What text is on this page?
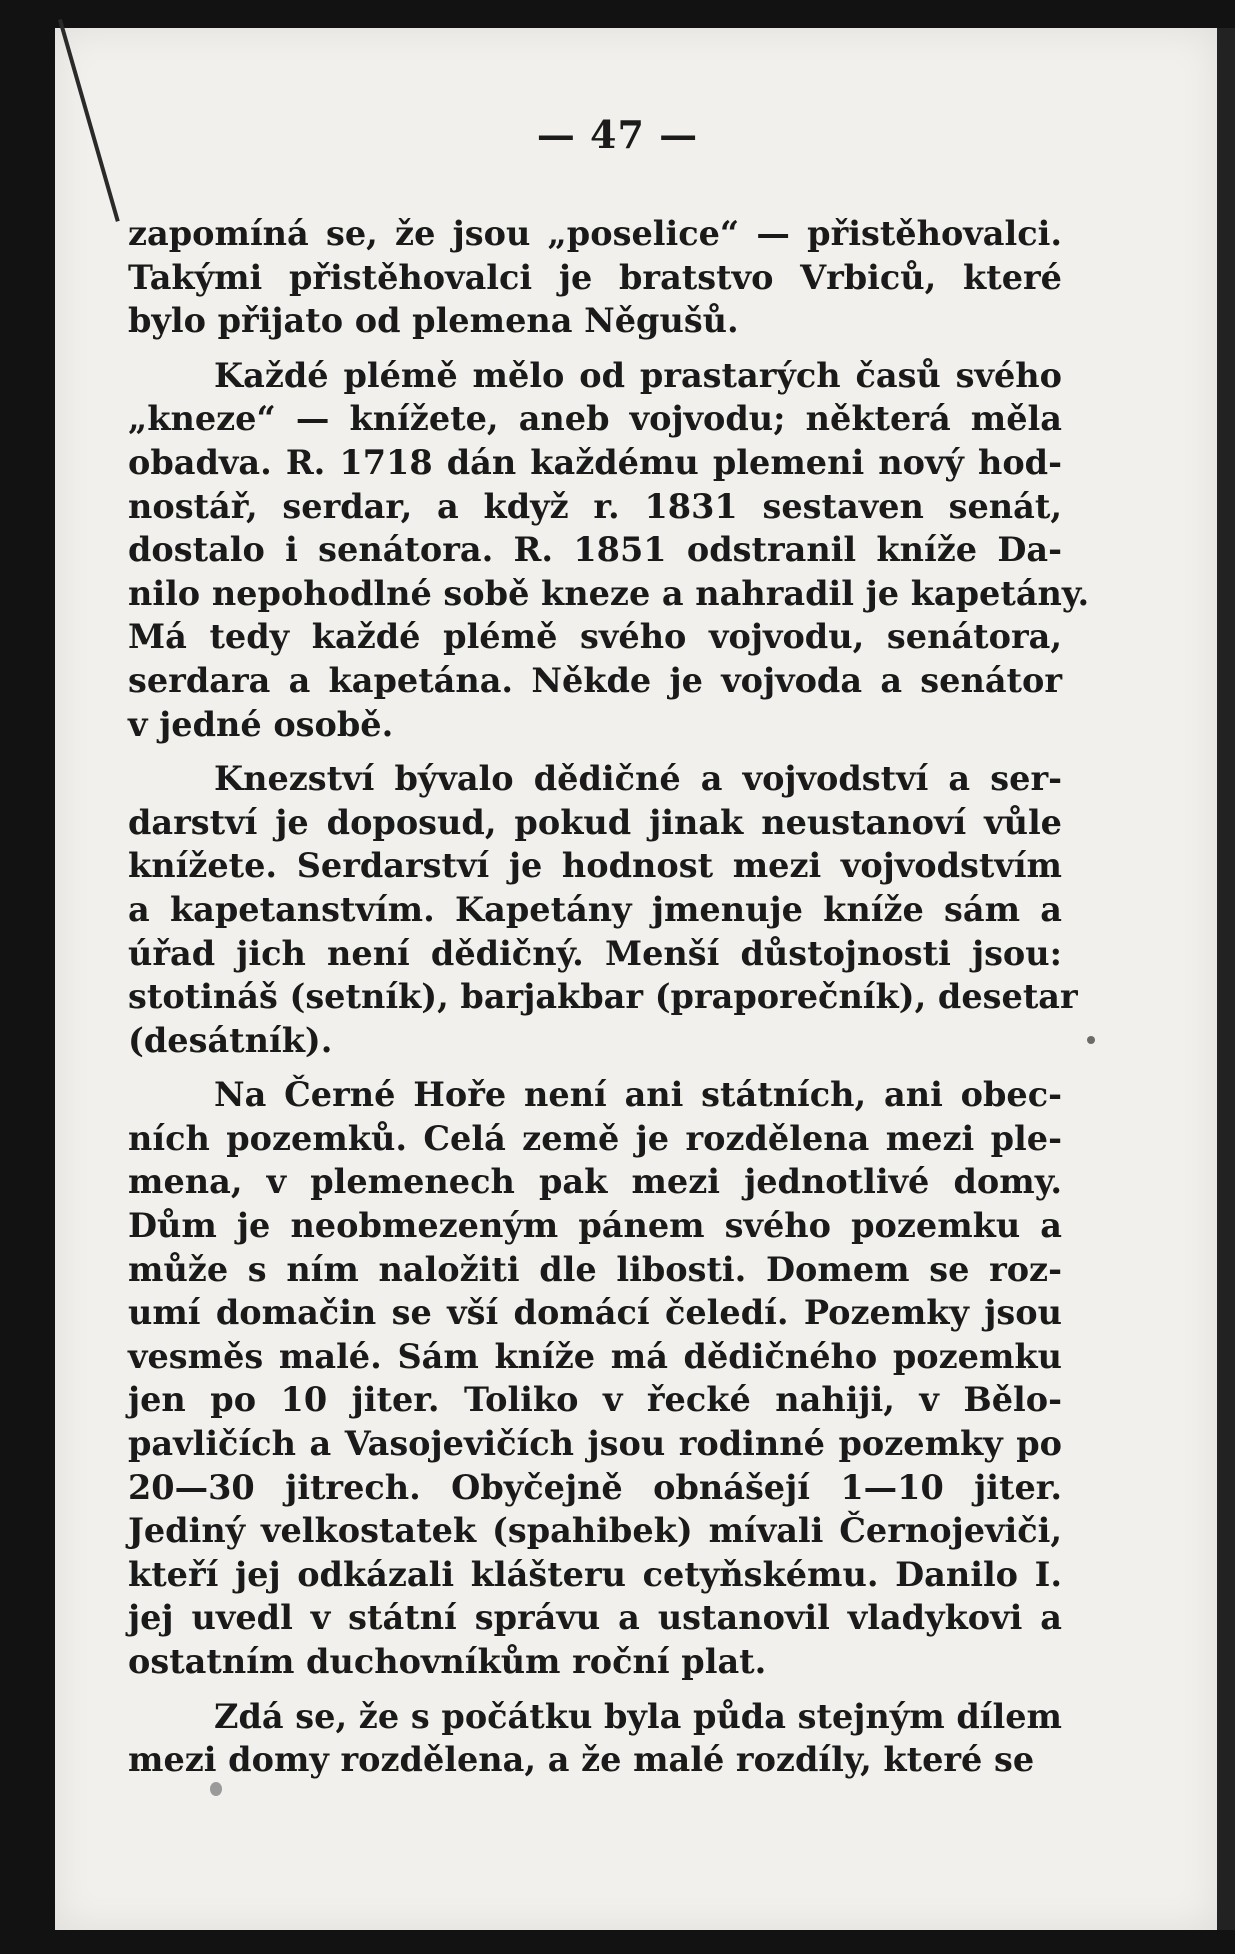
— 47 —
zapomíná se, že jsou „poselice“ — přistěhovalci.
Takými přistěhovalci je bratstvo Vrbiců, které
bylo přijato od plemena Něgušů.
Každé plémě mělo od prastarých časů svého
„kneze“ — knížete, aneb vojvodu; některá měla
obadva. R. 1718 dán každému plemeni nový hod-
nostář, serdar, a když r. 1831 sestaven senát,
dostalo i senátora. R. 1851 odstranil kníže Da-
nilo nepohodlné sobě kneze a nahradil je kapetány.
Má tedy každé plémě svého vojvodu, senátora,
serdara a kapetána. Někde je vojvoda a senátor
v jedné osobě.
Knezství bývalo dědičné a vojvodství a ser-
darství je doposud, pokud jinak neustanoví vůle
knížete. Serdarství je hodnost mezi vojvodstvím
a kapetanstvím. Kapetány jmenuje kníže sám a
úřad jich není dědičný. Menší důstojnosti jsou:
stotináš (setník), barjakbar (praporečník), desetar
(desátník).
Na Černé Hoře není ani státních, ani obec-
ních pozemků. Celá země je rozdělena mezi ple-
mena, v plemenech pak mezi jednotlivé domy.
Dům je neobmezeným pánem svého pozemku a
může s ním naložiti dle libosti. Domem se roz-
umí domačin se vší domácí čeledí. Pozemky jsou
vesměs malé. Sám kníže má dědičného pozemku
jen po 10 jiter. Toliko v řecké nahiji, v Bělo-
pavličích a Vasojevičích jsou rodinné pozemky po
20—30 jitrech. Obyčejně obnášejí 1—10 jiter.
Jediný velkostatek (spahibek) mívali Černojeviči,
kteří jej odkázali klášteru cetyňskému. Danilo I.
jej uvedl v státní správu a ustanovil vladykovi a
ostatním duchovníkům roční plat.
Zdá se, že s počátku byla půda stejným dílem
mezi domy rozdělena, a že malé rozdíly, které se
